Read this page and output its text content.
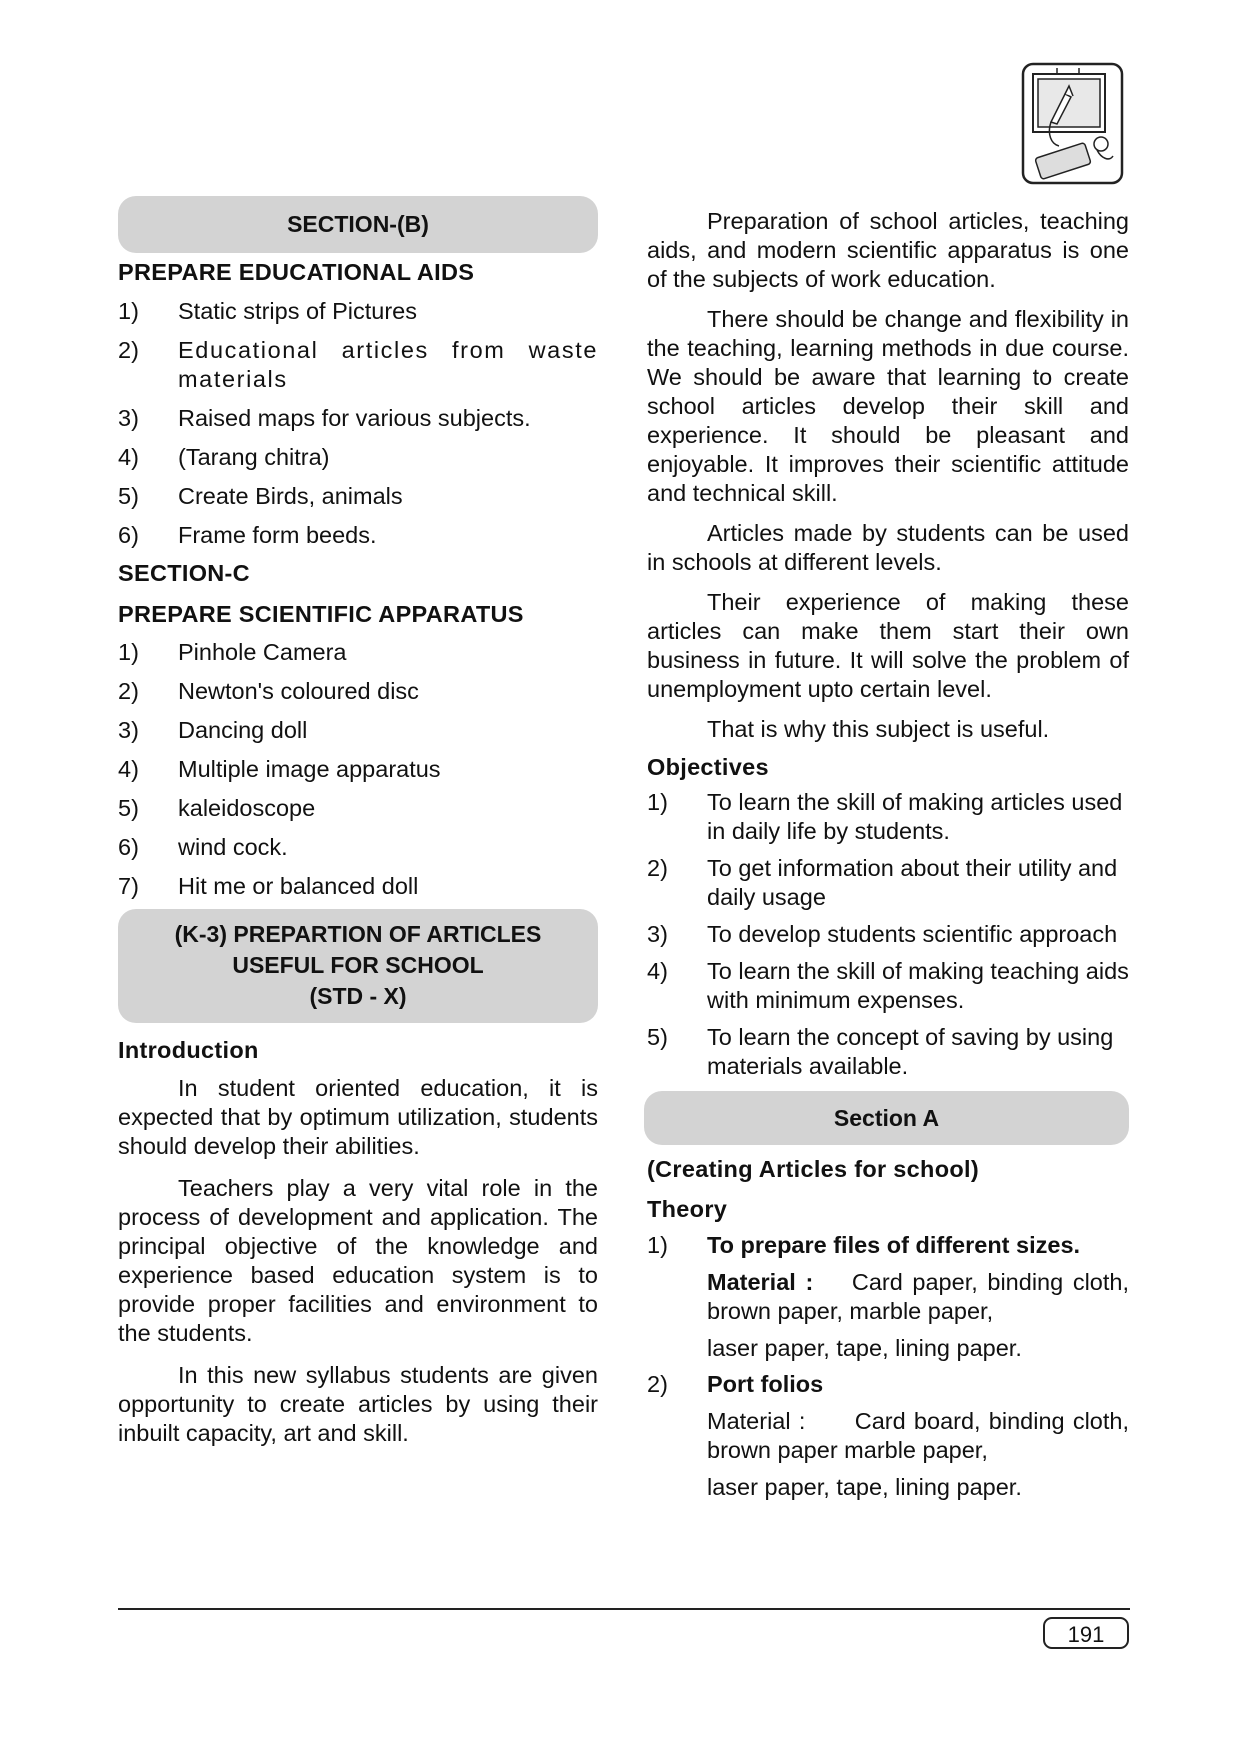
SECTION-(B)
PREPARE EDUCATIONAL AIDS
1)	Static strips of Pictures
2)	Educational articles from waste materials
3)	Raised maps for various subjects.
4)	(Tarang chitra)
5)	Create Birds, animals
6)	Frame form beeds.
SECTION-C
PREPARE SCIENTIFIC APPARATUS
1)	Pinhole Camera
2)	Newton's coloured disc
3)	Dancing doll
4)	Multiple image apparatus
5)	kaleidoscope
6)	wind cock.
7)	Hit me or balanced doll
(K-3) PREPARTION OF ARTICLES
USEFUL FOR SCHOOL
(STD - X)
Introduction

In student oriented education, it is expected that by optimum utilization, students should develop their abilities.

Teachers play a very vital role in the process of development and application. The principal objective of the knowledge and experience based education system is to provide proper facilities and environment to the students.

In this new syllabus students are given opportunity to create articles by using their inbuilt capacity, art and skill.

Preparation of school articles, teaching aids, and modern scientific apparatus is one of the subjects of work education.

There should be change and flexibility in the teaching, learning methods in due course. We should be aware that learning to create school articles develop their skill and experience. It should be pleasant and enjoyable. It improves their scientific attitude and technical skill.

Articles made by students can be used in schools at different levels.

Their experience of making these articles can make them start their own business in future. It will solve the problem of unemployment upto certain level.

That is why this subject is useful.

Objectives
1)	To learn the skill of making articles used in daily life by students.
2)	To get information about their utility and daily usage
3)	To develop students scientific approach
4)	To learn the skill of making teaching aids with minimum expenses.
5)	To learn the concept of saving by using materials available.
Section A
(Creating Articles for school)
Theory
1)	To prepare files of different sizes.
Material : Card paper, binding cloth, brown paper, marble paper,
laser paper, tape, lining paper.
2)	Port folios
Material : Card board, binding cloth, brown paper marble paper,
laser paper, tape, lining paper.
191
